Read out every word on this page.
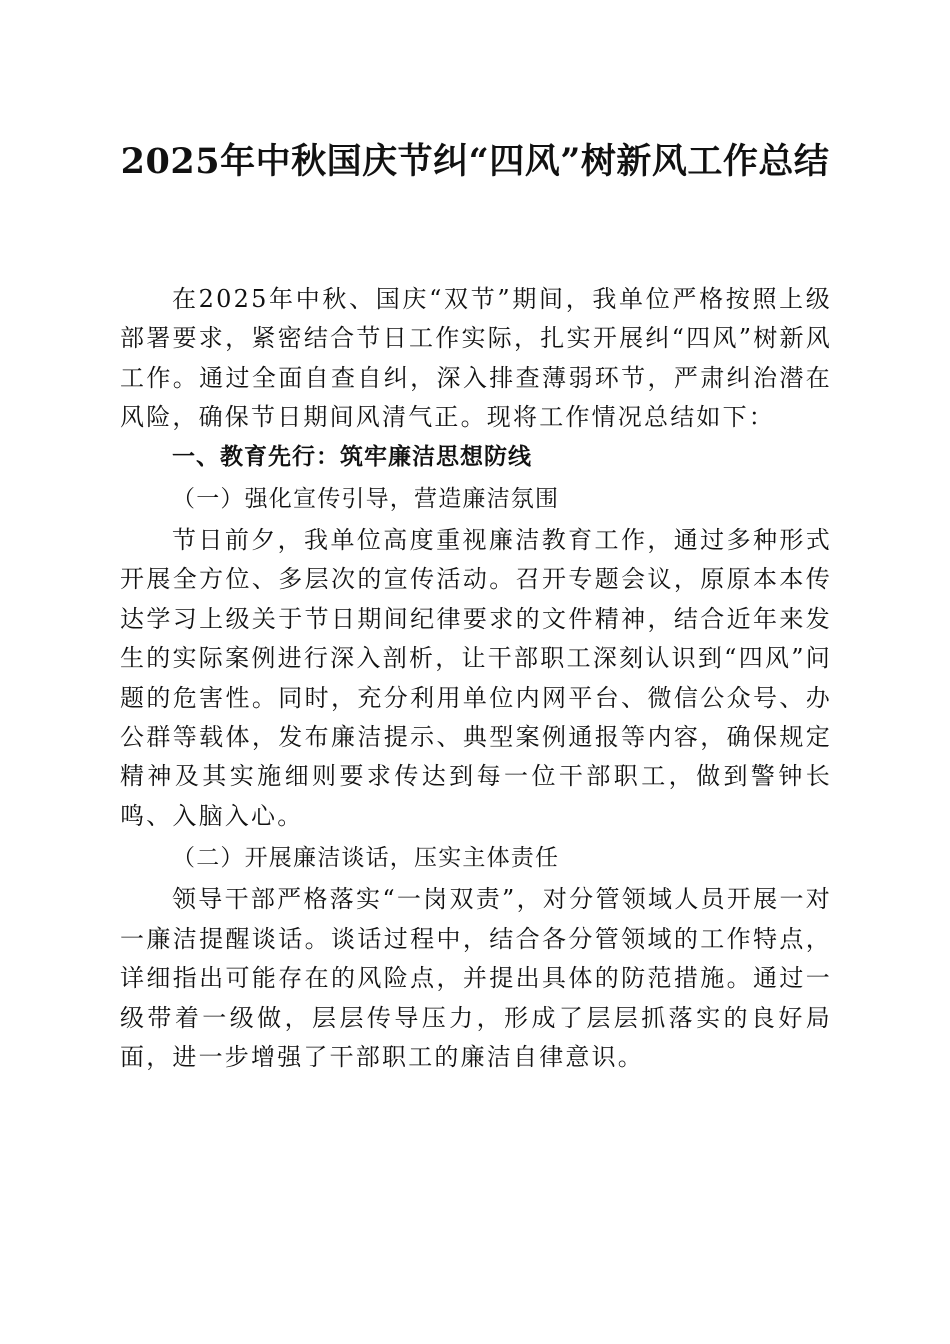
2025年中秋国庆节纠“四风”树新风工作总结

在2025年中秋、国庆“双节”期间，我单位严格按照上级部署要求，紧密结合节日工作实际，扎实开展纠“四风”树新风工作。通过全面自查自纠，深入排查薄弱环节，严肃纠治潜在风险，确保节日期间风清气正。现将工作情况总结如下：

一、教育先行：筑牢廉洁思想防线

（一）强化宣传引导，营造廉洁氛围

节日前夕，我单位高度重视廉洁教育工作，通过多种形式开展全方位、多层次的宣传活动。召开专题会议，原原本本传达学习上级关于节日期间纪律要求的文件精神，结合近年来发生的实际案例进行深入剖析，让干部职工深刻认识到“四风”问题的危害性。同时，充分利用单位内网平台、微信公众号、办公群等载体，发布廉洁提示、典型案例通报等内容，确保规定精神及其实施细则要求传达到每一位干部职工，做到警钟长鸣、入脑入心。

（二）开展廉洁谈话，压实主体责任

领导干部严格落实“一岗双责”，对分管领域人员开展一对一廉洁提醒谈话。谈话过程中，结合各分管领域的工作特点，详细指出可能存在的风险点，并提出具体的防范措施。通过一级带着一级做，层层传导压力，形成了层层抓落实的良好局面，进一步增强了干部职工的廉洁自律意识。
